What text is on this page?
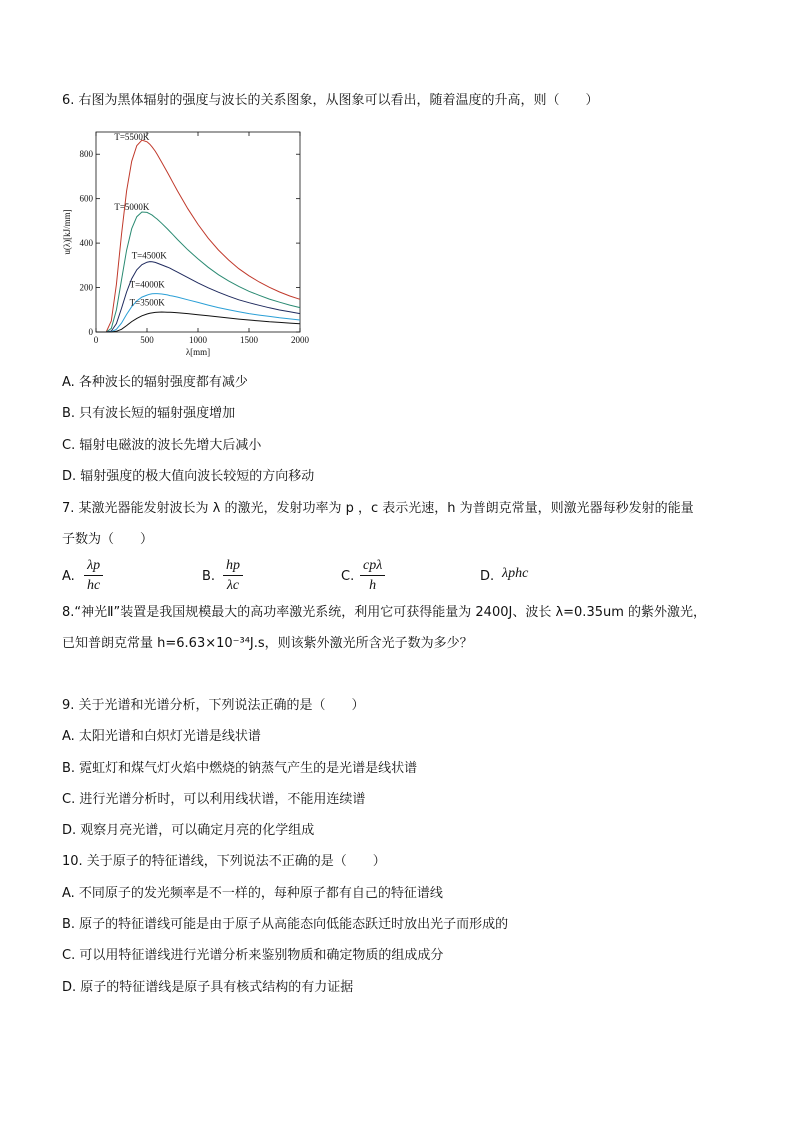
6. 右图为黑体辐射的强度与波长的关系图象，从图象可以看出，随着温度的升高，则（　　）
0	500	1000	1500	2000
0
200
400
600
800
λ[mm]
u(λ)[kJ/mm]
T=5500K
T=5000K
T=4500K
T=4000K
T=3500K
A. 各种波长的辐射强度都有减少
B. 只有波长短的辐射强度增加
C. 辐射电磁波的波长先增大后减小
D. 辐射强度的极大值向波长较短的方向移动
7. 某激光器能发射波长为 λ 的激光，发射功率为 p ，c 表示光速，h 为普朗克常量，则激光器每秒发射的能量
子数为（　　）
A. $\frac{\lambda p}{hc}$	B. $\frac{hp}{\lambda c}$	C.
cpλ
h
D. λphc
8.“神光Ⅱ”装置是我国规模最大的高功率激光系统，利用它可获得能量为 2400J、波长 λ=0.35um 的紫外激光，
已知普朗克常量 h=6.63×10⁻³⁴J.s，则该紫外激光所含光子数为多少？
9. 关于光谱和光谱分析，下列说法正确的是（　　）
A. 太阳光谱和白炽灯光谱是线状谱
B. 霓虹灯和煤气灯火焰中燃烧的钠蒸气产生的是光谱是线状谱
C. 进行光谱分析时，可以利用线状谱，不能用连续谱
D. 观察月亮光谱，可以确定月亮的化学组成
10. 关于原子的特征谱线，下列说法不正确的是（　　）
A. 不同原子的发光频率是不一样的，每种原子都有自己的特征谱线
B. 原子的特征谱线可能是由于原子从高能态向低能态跃迁时放出光子而形成的
C. 可以用特征谱线进行光谱分析来鉴别物质和确定物质的组成成分
D. 原子的特征谱线是原子具有核式结构的有力证据
